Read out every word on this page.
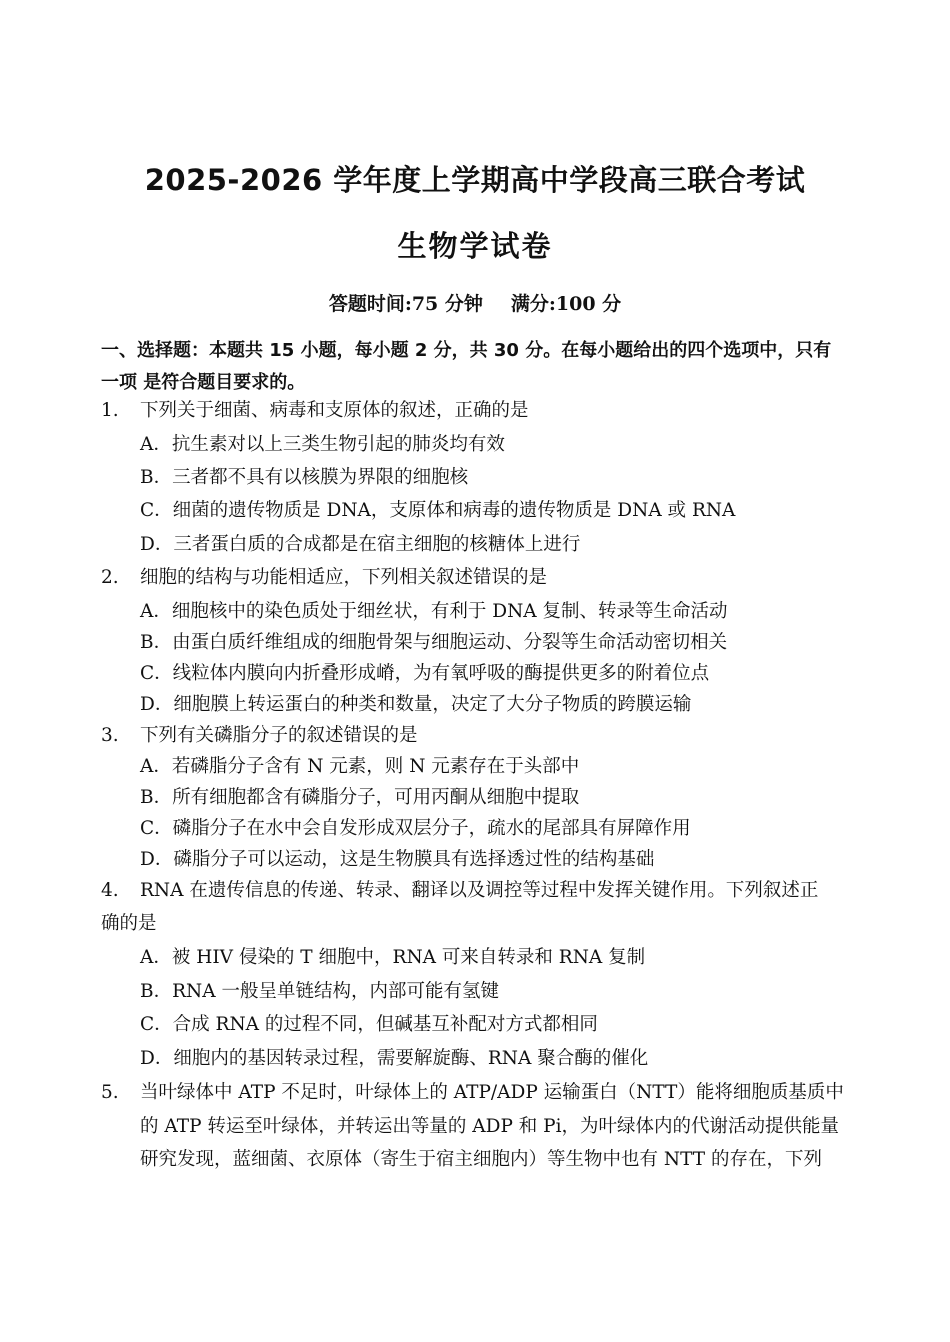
2025-2026 学年度上学期高中学段高三联合考试
生物学试卷
答题时间:75 分钟 满分:100 分
一、选择题：本题共 15 小题，每小题 2 分，共 30 分。在每小题给出的四个选项中，只有
一项 是符合题目要求的。
1. 下列关于细菌、病毒和支原体的叙述，正确的是
A．抗生素对以上三类生物引起的肺炎均有效
B．三者都不具有以核膜为界限的细胞核
C．细菌的遗传物质是 DNA，支原体和病毒的遗传物质是 DNA 或 RNA
D．三者蛋白质的合成都是在宿主细胞的核糖体上进行
2. 细胞的结构与功能相适应，下列相关叙述错误的是
A．细胞核中的染色质处于细丝状，有利于 DNA 复制、转录等生命活动
B．由蛋白质纤维组成的细胞骨架与细胞运动、分裂等生命活动密切相关
C．线粒体内膜向内折叠形成嵴，为有氧呼吸的酶提供更多的附着位点
D．细胞膜上转运蛋白的种类和数量，决定了大分子物质的跨膜运输
3. 下列有关磷脂分子的叙述错误的是
A．若磷脂分子含有 N 元素，则 N 元素存在于头部中
B．所有细胞都含有磷脂分子，可用丙酮从细胞中提取
C．磷脂分子在水中会自发形成双层分子，疏水的尾部具有屏障作用
D．磷脂分子可以运动，这是生物膜具有选择透过性的结构基础
4. RNA 在遗传信息的传递、转录、翻译以及调控等过程中发挥关键作用。下列叙述正
确的是
A．被 HIV 侵染的 T 细胞中，RNA 可来自转录和 RNA 复制
B．RNA 一般呈单链结构，内部可能有氢键
C．合成 RNA 的过程不同，但碱基互补配对方式都相同
D．细胞内的基因转录过程，需要解旋酶、RNA 聚合酶的催化
5. 当叶绿体中 ATP 不足时，叶绿体上的 ATP/ADP 运输蛋白（NTT）能将细胞质基质中
的 ATP 转运至叶绿体，并转运出等量的 ADP 和 Pi，为叶绿体内的代谢活动提供能量
研究发现，蓝细菌、衣原体（寄生于宿主细胞内）等生物中也有 NTT 的存在，下列
